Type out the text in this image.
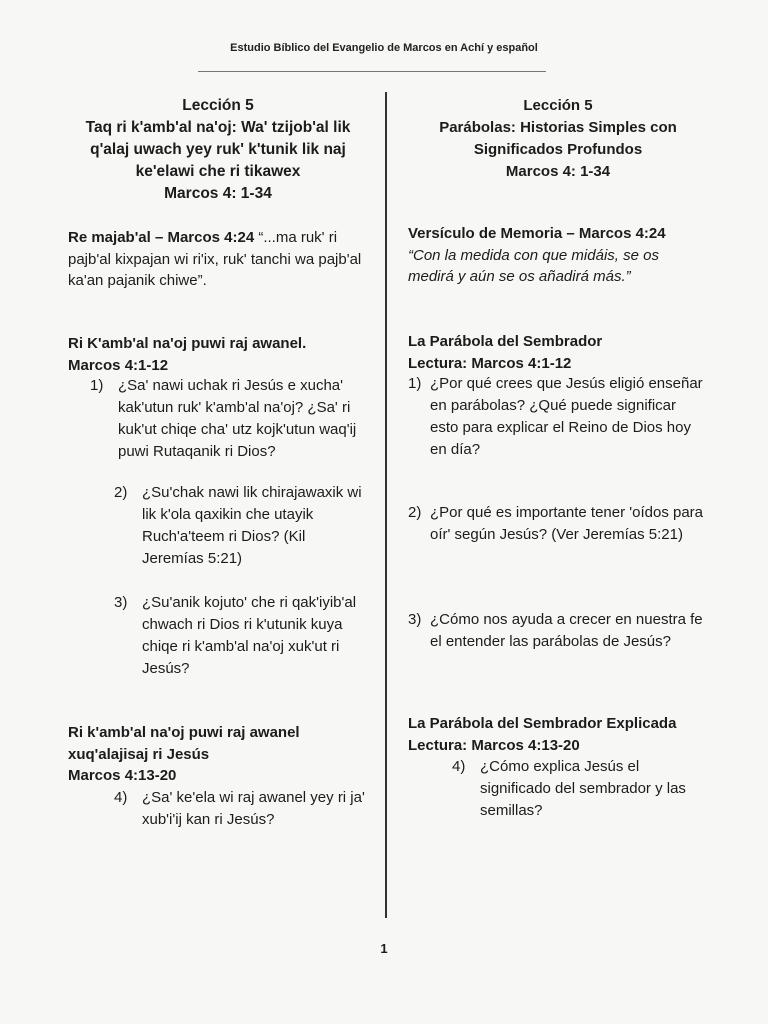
Estudio Bíblico del Evangelio de Marcos en Achí y español
Lección 5
Taq ri k'amb'al na'oj: Wa' tzijob'al lik q'alaj uwach yey ruk' k'tunik lik naj ke'elawi che ri tikawex
Marcos 4: 1-34
Re majab'al – Marcos 4:24 “...ma ruk' ri pajb'al kixpajan wi ri'ix, ruk' tanchi wa pajb'al ka'an pajanik chiwe”.
Ri K'amb'al na'oj puwi raj awanel.
Marcos 4:1-12
1) ¿Sa' nawi uchak ri Jesús e xucha' kak'utun ruk' k'amb'al na'oj? ¿Sa' ri kuk'ut chiqe cha' utz kojk'utun waq'ij puwi Rutaqanik ri Dios?
2) ¿Su'chak nawi lik chirajawaxik wi lik k'ola qaxikin che utayik Ruch'a'teem ri Dios? (Kil Jeremías 5:21)
3) ¿Su'anik kojuto' che ri qak'iyib'al chwach ri Dios ri k'utunik kuya chiqe ri k'amb'al na'oj xuk'ut ri Jesús?
Ri k'amb'al na'oj puwi raj awanel xuq'alajisaj ri Jesús
Marcos 4:13-20
4) ¿Sa' ke'ela wi raj awanel yey ri ja' xub'i'ij kan ri Jesús?
Lección 5
Parábolas: Historias Simples con Significados Profundos
Marcos 4: 1-34
Versículo de Memoria – Marcos 4:24
“Con la medida con que midáis, se os medirá y aún se os añadirá más.”
La Parábola del Sembrador
Lectura: Marcos 4:1-12
1) ¿Por qué crees que Jesús eligió enseñar en parábolas? ¿Qué puede significar esto para explicar el Reino de Dios hoy en día?
2) ¿Por qué es importante tener 'oídos para oír' según Jesús? (Ver Jeremías 5:21)
3) ¿Cómo nos ayuda a crecer en nuestra fe el entender las parábolas de Jesús?
La Parábola del Sembrador Explicada
Lectura: Marcos 4:13-20
4) ¿Cómo explica Jesús el significado del sembrador y las semillas?
1
